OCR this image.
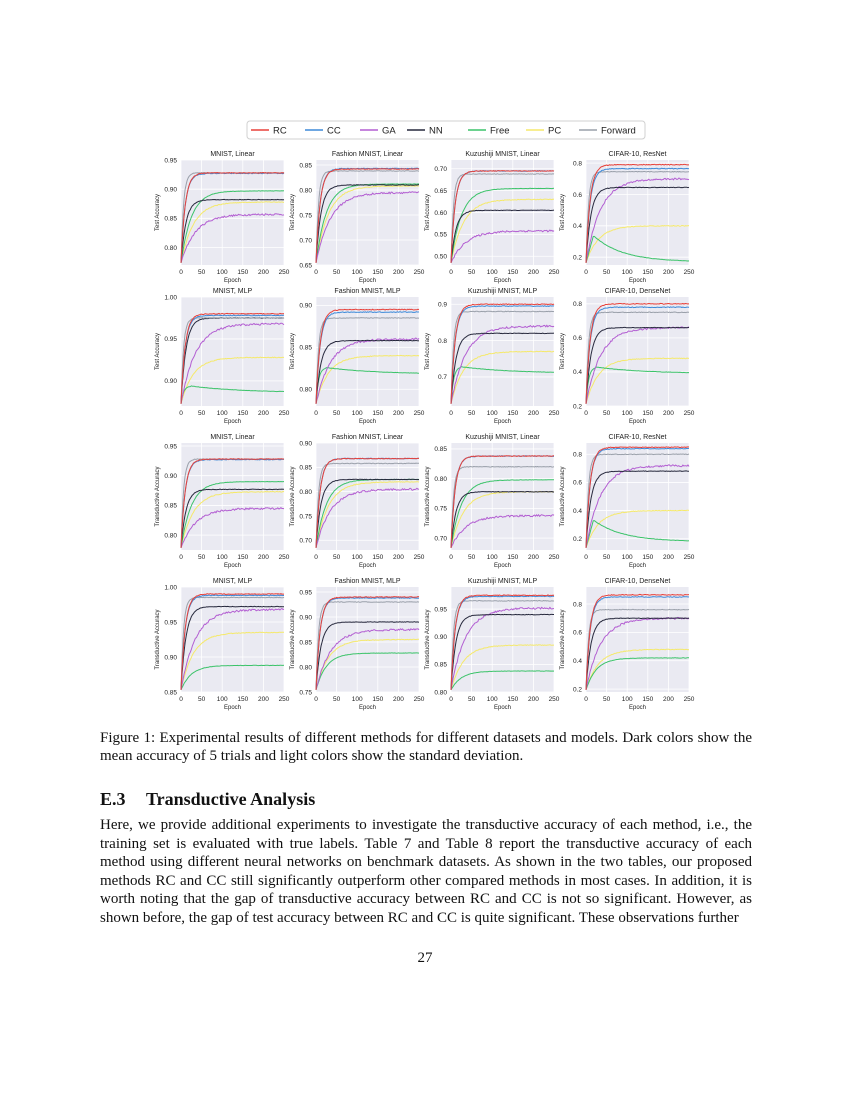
RC	CC	GA	NN	Free	PC	Forward
0 50 100 150 200 250
0.80
0.85
0.90
0.95
MNIST, Linear
Epoch
Test Accuracy
0 50 100 150 200 250
0.65
0.70
0.75
0.80
0.85
Fashion MNIST, Linear
Epoch
Test Accuracy
0 50 100 150 200 250
0.50
0.55
0.60
0.65
0.70
Kuzushiji MNIST, Linear
Epoch
Test Accuracy
0 50 100 150 200 250
0.2
0.4
0.6
0.8
CIFAR-10, ResNet
Epoch
Test Accuracy
0 50 100 150 200 250
0.90
0.95
1.00
MNIST, MLP
Epoch
Test Accuracy
0 50 100 150 200 250
0.80
0.85
0.90
Fashion MNIST, MLP
Epoch
Test Accuracy
0 50 100 150 200 250
0.7
0.8
0.9
Kuzushiji MNIST, MLP
Epoch
Test Accuracy
0 50 100 150 200 250
0.2
0.4
0.6
0.8
CIFAR-10, DenseNet
Epoch
Test Accuracy
0 50 100 150 200 250
0.80
0.85
0.90
0.95
MNIST, Linear
Epoch
Transductive Accuracy
0 50 100 150 200 250
0.70
0.75
0.80
0.85
0.90
Fashion MNIST, Linear
Epoch
Transductive Accuracy
0 50 100 150 200 250
0.70
0.75
0.80
0.85
Kuzushiji MNIST, Linear
Epoch
Transductive Accuracy
0 50 100 150 200 250
0.2
0.4
0.6
0.8
CIFAR-10, ResNet
Epoch
Transductive Accuracy
0 50 100 150 200 250
0.85
0.90
0.95
1.00
MNIST, MLP
Epoch
Transductive Accuracy
0 50 100 150 200 250
0.75
0.80
0.85
0.90
0.95
Fashion MNIST, MLP
Epoch
Transductive Accuracy
0 50 100 150 200 250
0.80
0.85
0.90
0.95
Kuzushiji MNIST, MLP
Epoch
Transductive Accuracy
0 50 100 150 200 250
0.2
0.4
0.6
0.8
CIFAR-10, DenseNet
Epoch
Transductive Accuracy

Figure 1: Experimental results of different methods for different datasets and models. Dark colors show the mean accuracy of 5 trials and light colors show the standard deviation.

E.3 Transductive Analysis

Here, we provide additional experiments to investigate the transductive accuracy of each method, i.e., the training set is evaluated with true labels. Table 7 and Table 8 report the transductive accuracy of each method using different neural networks on benchmark datasets. As shown in the two tables, our proposed methods RC and CC still significantly outperform other compared methods in most cases. In addition, it is worth noting that the gap of transductive accuracy between RC and CC is not so significant. However, as shown before, the gap of test accuracy between RC and CC is quite significant. These observations further

27
